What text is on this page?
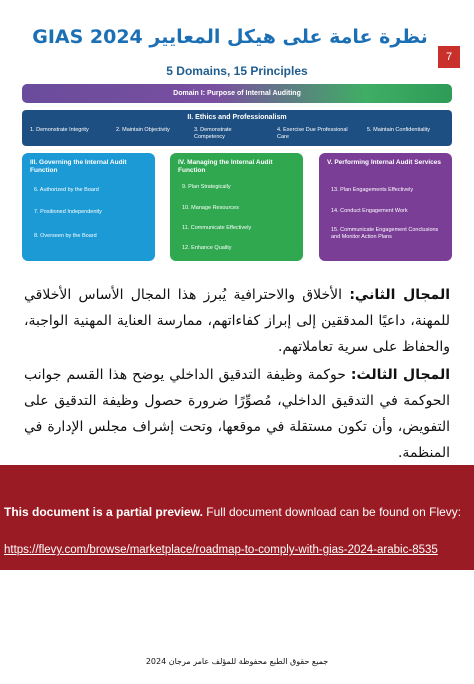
نظرة عامة على هيكل المعايير GIAS 2024
7
5 Domains, 15 Principles
Domain I: Purpose of Internal Auditing
II. Ethics and Professionalism
1. Demonstrate Integrity	2. Maintain Objectivity	3. Demonstrate Competency
4. Exercise Due Professional Care
5. Maintain Confidentiality
III. Governing the Internal Audit Function
6. Authorized by the Board
7. Positioned Independently
8. Overseen by the Board
IV. Managing the Internal Audit Function
9. Plan Strategically
10. Manage Resources
11. Communicate Effectively
12. Enhance Quality
V. Performing Internal Audit Services
13. Plan Engagements Effectively
14. Conduct Engagement Work
15. Communicate Engagement Conclusions and Monitor Action Plans
المجال الثاني: الأخلاق والاحترافية يُبرز هذا المجال الأساس الأخلاقي للمهنة، داعيًا المدققين إلى إبراز كفاءاتهم، ممارسة العناية المهنية الواجبة، والحفاظ على سرية تعاملاتهم.
المجال الثالث: حوكمة وظيفة التدقيق الداخلي يوضح هذا القسم جوانب الحوكمة في التدقيق الداخلي، مُصوِّرًا ضرورة حصول وظيفة التدقيق على التفويض، وأن تكون مستقلة في موقعها، وتحت إشراف مجلس الإدارة في المنظمة.
This document is a partial preview. Full document download can be found on Flevy:
https://flevy.com/browse/marketplace/roadmap-to-comply-with-gias-2024-arabic-8535
جميع حقوق الطبع محفوظة للمؤلف عامر مرجان 2024
